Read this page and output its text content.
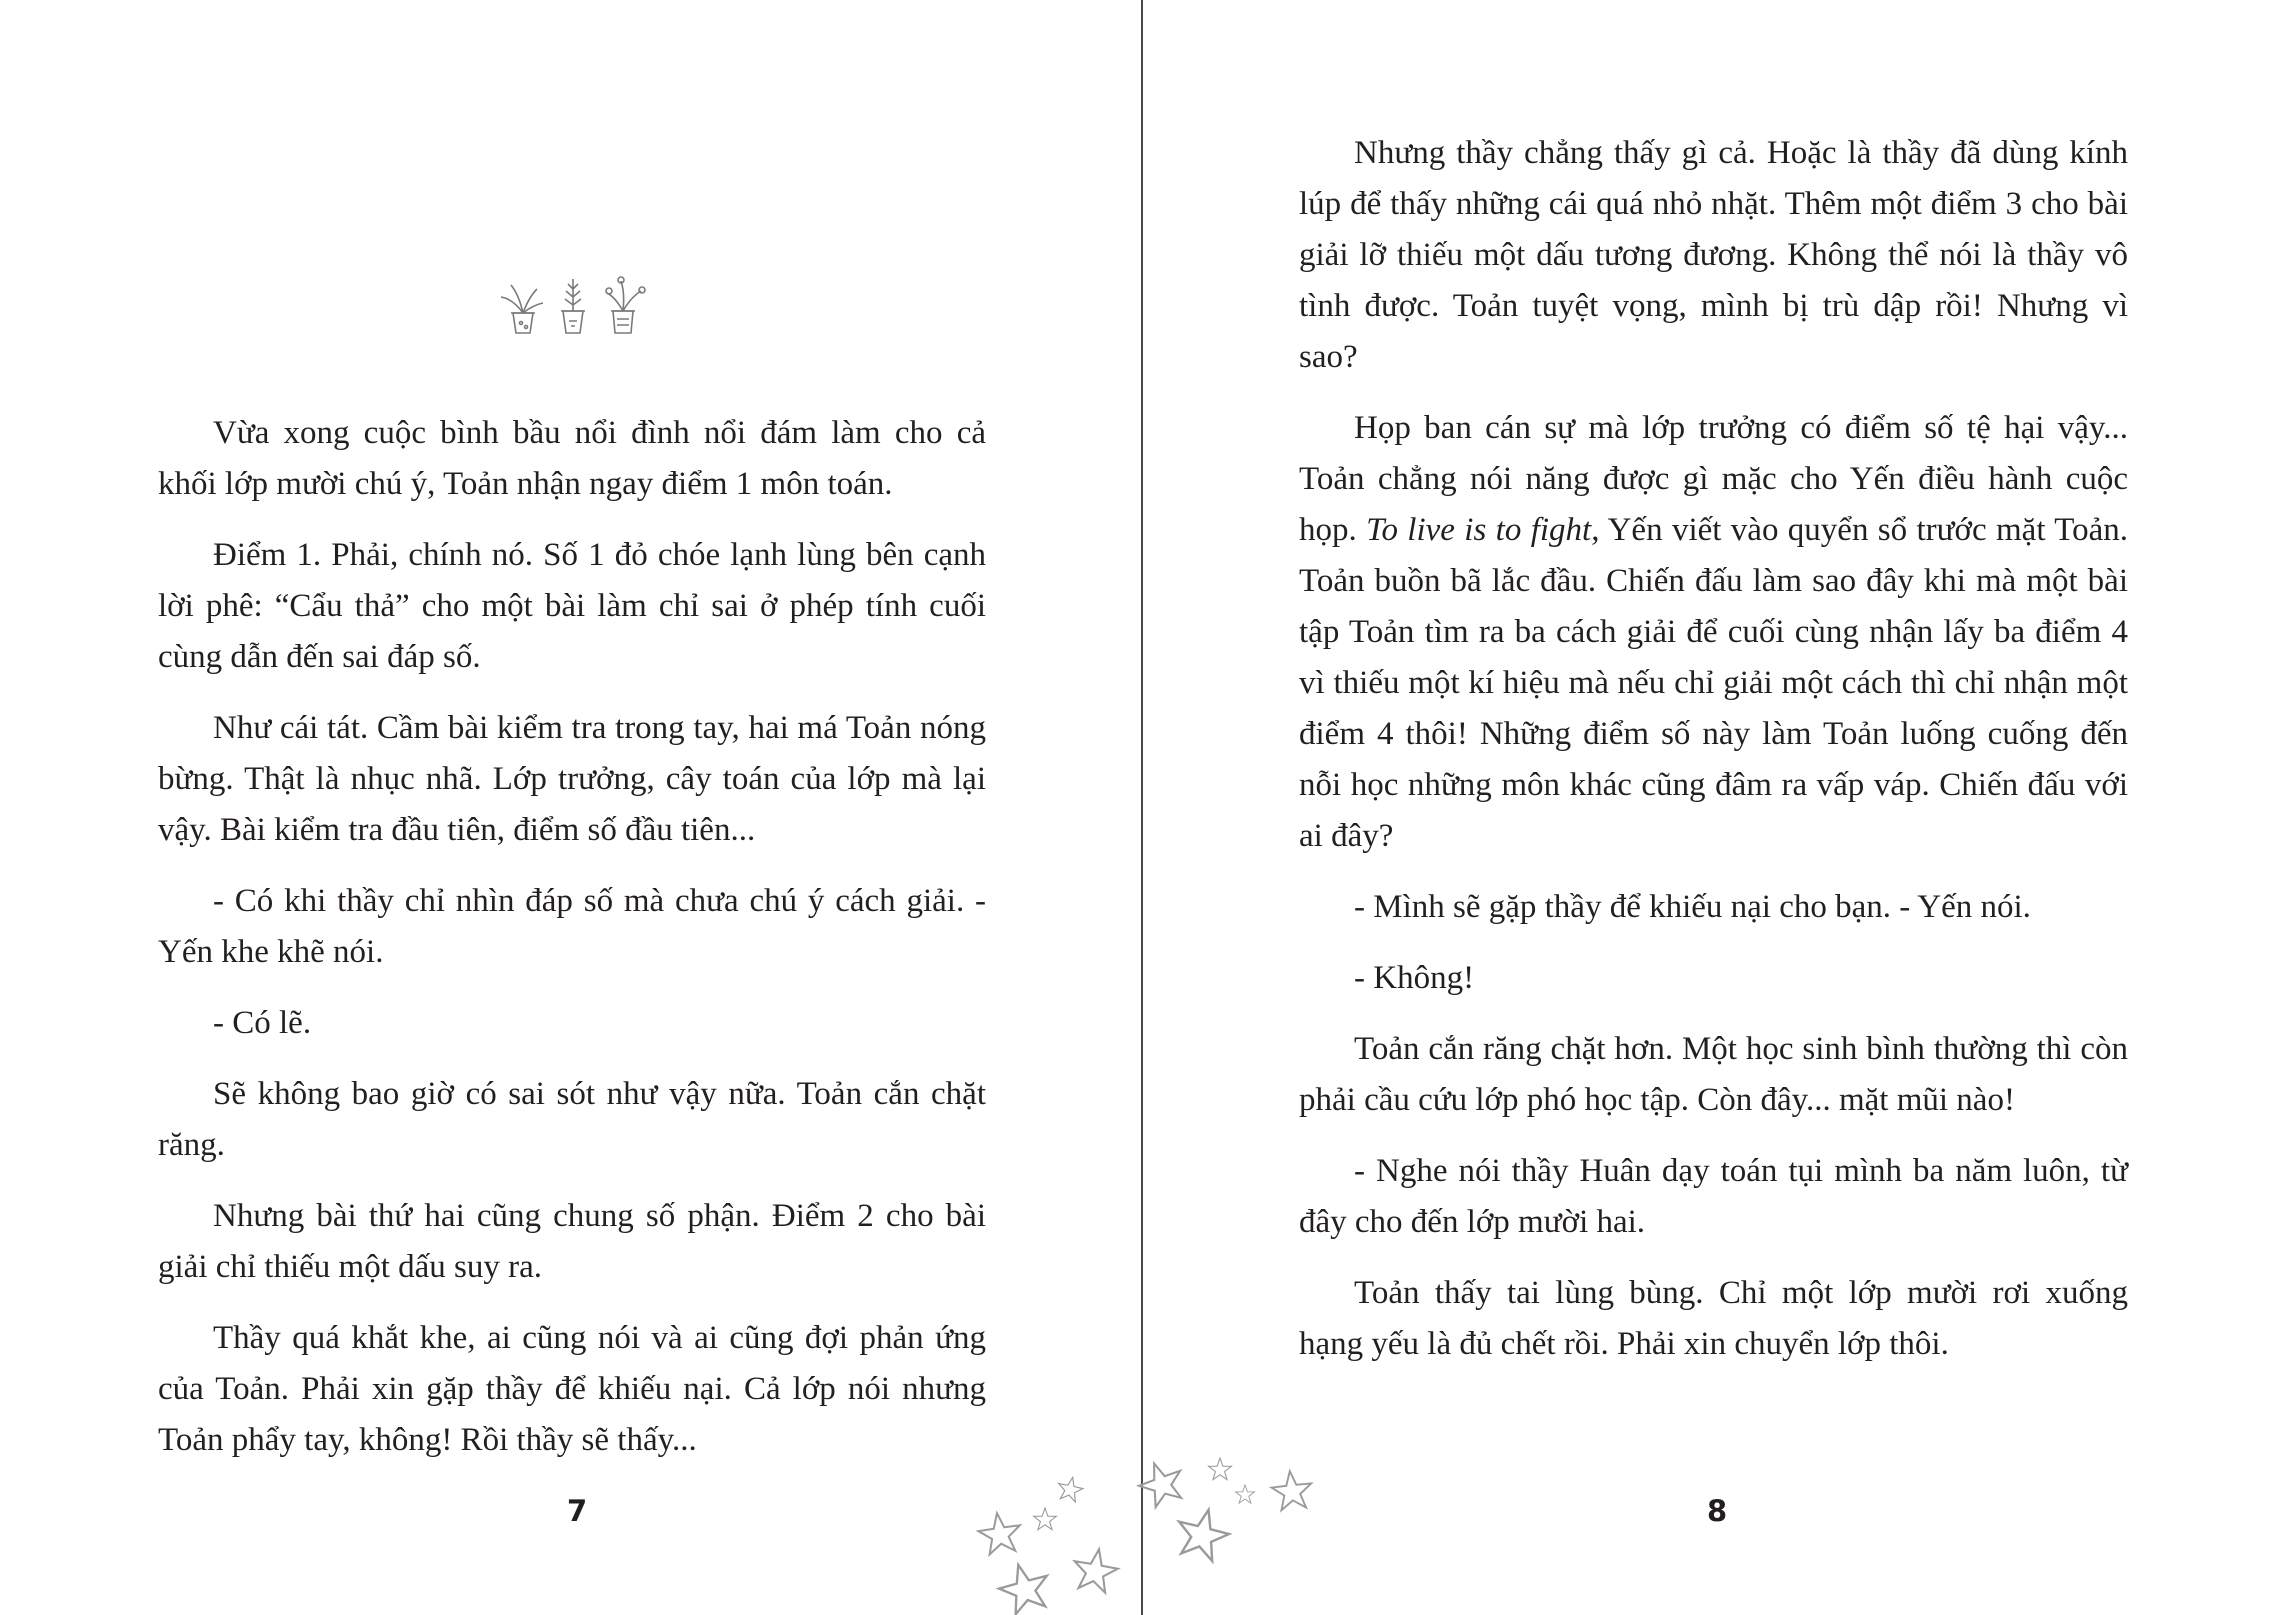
Vừa xong cuộc bình bầu nổi đình nổi đám làm cho cả khối lớp mười chú ý, Toản nhận ngay điểm 1 môn toán.

Điểm 1. Phải, chính nó. Số 1 đỏ chóe lạnh lùng bên cạnh lời phê: “Cẩu thả” cho một bài làm chỉ sai ở phép tính cuối cùng dẫn đến sai đáp số.

Như cái tát. Cầm bài kiểm tra trong tay, hai má Toản nóng bừng. Thật là nhục nhã. Lớp trưởng, cây toán của lớp mà lại vậy. Bài kiểm tra đầu tiên, điểm số đầu tiên...

- Có khi thầy chỉ nhìn đáp số mà chưa chú ý cách giải. - Yến khe khẽ nói.

- Có lẽ.

Sẽ không bao giờ có sai sót như vậy nữa. Toản cắn chặt răng.

Nhưng bài thứ hai cũng chung số phận. Điểm 2 cho bài giải chỉ thiếu một dấu suy ra.

Thầy quá khắt khe, ai cũng nói và ai cũng đợi phản ứng của Toản. Phải xin gặp thầy để khiếu nại. Cả lớp nói nhưng Toản phẩy tay, không! Rồi thầy sẽ thấy...

7

Nhưng thầy chẳng thấy gì cả. Hoặc là thầy đã dùng kính lúp để thấy những cái quá nhỏ nhặt. Thêm một điểm 3 cho bài giải lỡ thiếu một dấu tương đương. Không thể nói là thầy vô tình được. Toản tuyệt vọng, mình bị trù dập rồi! Nhưng vì sao?

Họp ban cán sự mà lớp trưởng có điểm số tệ hại vậy... Toản chẳng nói năng được gì mặc cho Yến điều hành cuộc họp. To live is to fight, Yến viết vào quyển sổ trước mặt Toản. Toản buồn bã lắc đầu. Chiến đấu làm sao đây khi mà một bài tập Toản tìm ra ba cách giải để cuối cùng nhận lấy ba điểm 4 vì thiếu một kí hiệu mà nếu chỉ giải một cách thì chỉ nhận một điểm 4 thôi! Những điểm số này làm Toản luống cuống đến nỗi học những môn khác cũng đâm ra vấp váp. Chiến đấu với ai đây?

- Mình sẽ gặp thầy để khiếu nại cho bạn. - Yến nói.

- Không!

Toản cắn răng chặt hơn. Một học sinh bình thường thì còn phải cầu cứu lớp phó học tập. Còn đây... mặt mũi nào!

- Nghe nói thầy Huân dạy toán tụi mình ba năm luôn, từ đây cho đến lớp mười hai.

Toản thấy tai lùng bùng. Chỉ một lớp mười rơi xuống hạng yếu là đủ chết rồi. Phải xin chuyển lớp thôi.

8
